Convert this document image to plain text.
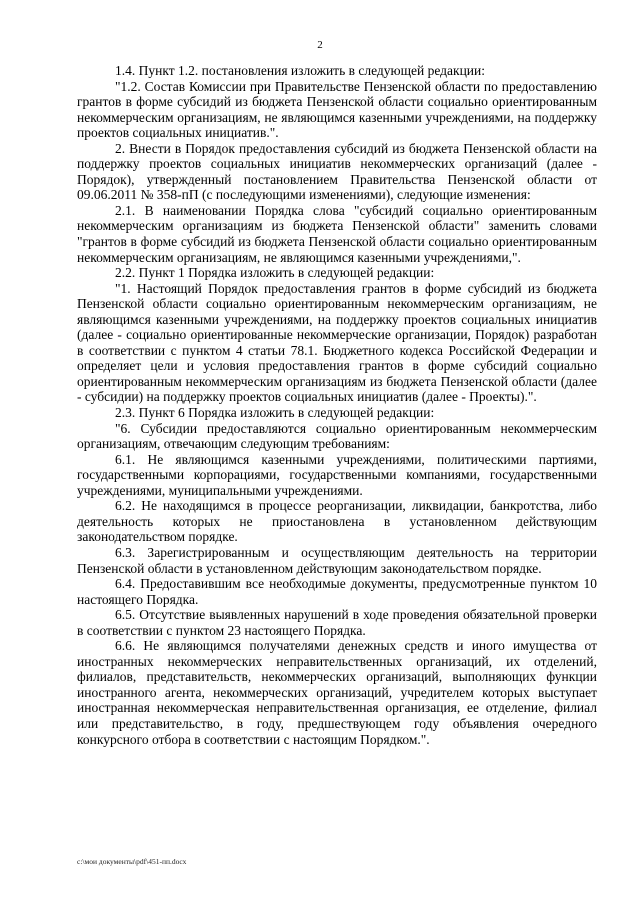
2

1.4. Пункт 1.2. постановления изложить в следующей редакции:

"1.2. Состав Комиссии при Правительстве Пензенской области по предоставлению грантов в форме субсидий из бюджета Пензенской области социально ориентированным некоммерческим организациям, не являющимся казенными учреждениями, на поддержку проектов социальных инициатив.".

2. Внести в Порядок предоставления субсидий из бюджета Пензенской области на поддержку проектов социальных инициатив некоммерческих организаций (далее - Порядок), утвержденный постановлением Правительства Пензенской области от 09.06.2011 № 358-пП (с последующими изменениями), следующие изменения:

2.1. В наименовании Порядка слова "субсидий социально ориентированным некоммерческим организациям из бюджета Пензенской области" заменить словами "грантов в форме субсидий из бюджета Пензенской области социально ориентированным некоммерческим организациям, не являющимся казенными учреждениями,".

2.2. Пункт 1 Порядка изложить в следующей редакции:

"1. Настоящий Порядок предоставления грантов в форме субсидий из бюджета Пензенской области социально ориентированным некоммерческим организациям, не являющимся казенными учреждениями, на поддержку проектов социальных инициатив (далее - социально ориентированные некоммерческие организации, Порядок) разработан в соответствии с пунктом 4 статьи 78.1. Бюджетного кодекса Российской Федерации и определяет цели и условия предоставления грантов в форме субсидий социально ориентированным некоммерческим организациям из бюджета Пензенской области (далее - субсидии) на поддержку проектов социальных инициатив (далее - Проекты).".

2.3. Пункт 6 Порядка изложить в следующей редакции:

"6. Субсидии предоставляются социально ориентированным некоммерческим организациям, отвечающим следующим требованиям:

6.1. Не являющимся казенными учреждениями, политическими партиями, государственными корпорациями, государственными компаниями, государственными учреждениями, муниципальными учреждениями.

6.2. Не находящимся в процессе реорганизации, ликвидации, банкротства, либо деятельность которых не приостановлена в установленном действующим законодательством порядке.

6.3. Зарегистрированным и осуществляющим деятельность на территории Пензенской области в установленном действующим законодательством порядке.

6.4. Предоставившим все необходимые документы, предусмотренные пунктом 10 настоящего Порядка.

6.5. Отсутствие выявленных нарушений в ходе проведения обязательной проверки в соответствии с пунктом 23 настоящего Порядка.

6.6. Не являющимся получателями денежных средств и иного имущества от иностранных некоммерческих неправительственных организаций, их отделений, филиалов, представительств, некоммерческих организаций, выполняющих функции иностранного агента, некоммерческих организаций, учредителем которых выступает иностранная некоммерческая неправительственная организация, ее отделение, филиал или представительство, в году, предшествующем году объявления очередного конкурсного отбора в соответствии с настоящим Порядком.".

c:\мои документы\pdf\451-пп.docx
